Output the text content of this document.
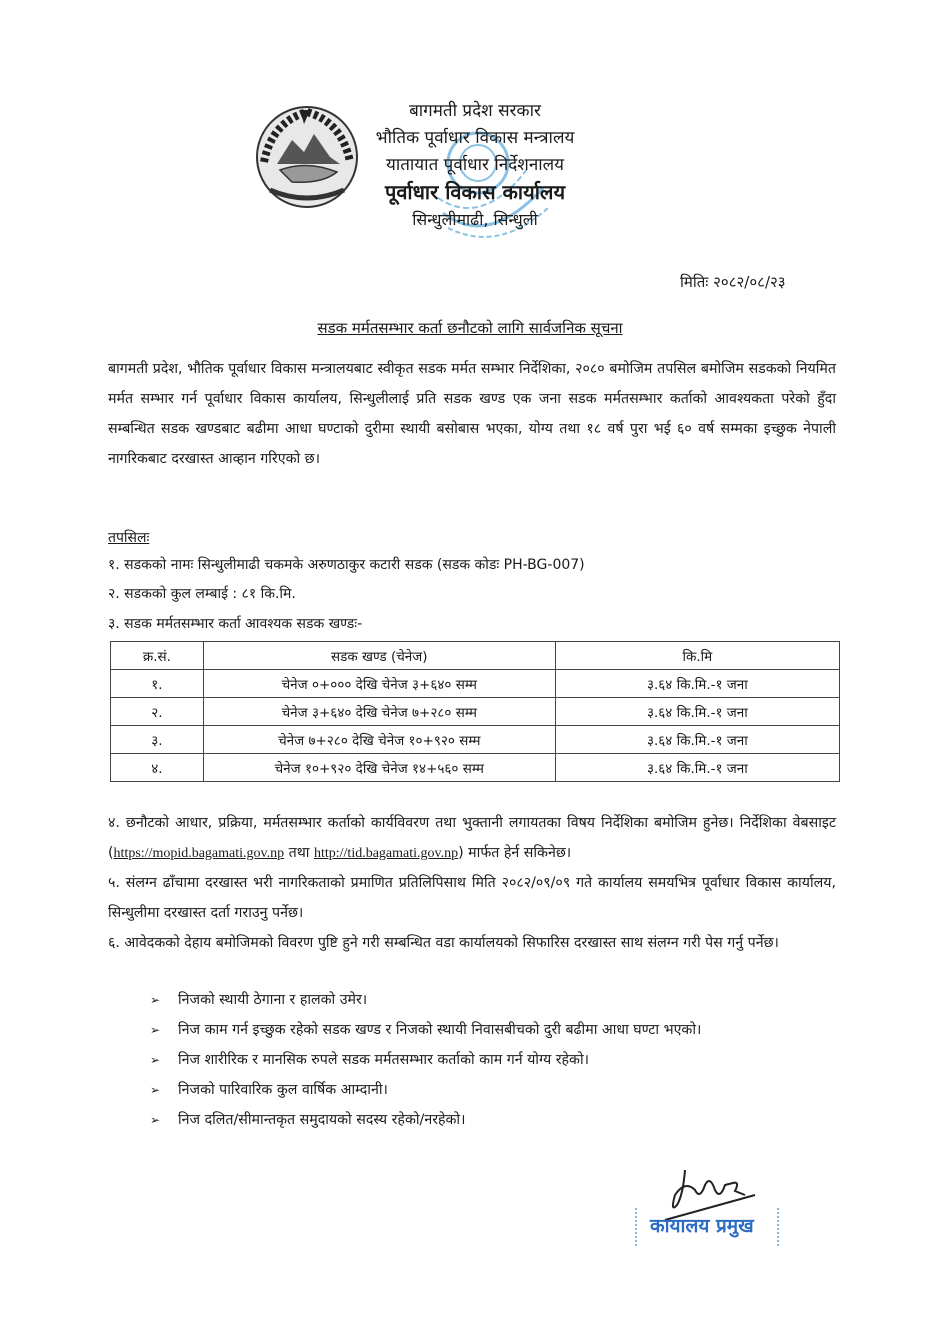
बागमती प्रदेश सरकार
भौतिक पूर्वाधार विकास मन्त्रालय
यातायात पूर्वाधार निर्देशनालय
पूर्वाधार विकास कार्यालय
सिन्धुलीमाढी, सिन्धुली
मितिः २०८२/०८/२३
सडक मर्मतसम्भार कर्ता छनौटको लागि सार्वजनिक सूचना
बागमती प्रदेश, भौतिक पूर्वाधार विकास मन्त्रालयबाट स्वीकृत सडक मर्मत सम्भार निर्देशिका, २०८० बमोजिम तपसिल बमोजिम सडकको नियमित मर्मत सम्भार गर्न पूर्वाधार विकास कार्यालय, सिन्धुलीलाई प्रति सडक खण्ड एक जना सडक मर्मतसम्भार कर्ताको आवश्यकता परेको हुँदा सम्बन्धित सडक खण्डबाट बढीमा आधा घण्टाको दुरीमा स्थायी बसोबास भएका, योग्य तथा १८ वर्ष पुरा भई ६० वर्ष सम्मका इच्छुक नेपाली नागरिकबाट दरखास्त आव्हान गरिएको छ।
तपसिलः
१. सडकको नामः सिन्धुलीमाढी चकमके अरुणठाकुर कटारी सडक (सडक कोडः PH-BG-007)
२. सडकको कुल लम्बाई : ८१ कि.मि.
३. सडक मर्मतसम्भार कर्ता आवश्यक सडक खण्डः-
क्र.सं.	सडक खण्ड (चेनेज)	कि.मि
१.	चेनेज ०+००० देखि चेनेज ३+६४० सम्म	३.६४ कि.मि.-१ जना
२.	चेनेज ३+६४० देखि चेनेज ७+२८० सम्म	३.६४ कि.मि.-१ जना
३.	चेनेज ७+२८० देखि चेनेज १०+९२० सम्म	३.६४ कि.मि.-१ जना
४.	चेनेज १०+९२० देखि चेनेज १४+५६० सम्म	३.६४ कि.मि.-१ जना
४. छनौटको आधार, प्रक्रिया, मर्मतसम्भार कर्ताको कार्यविवरण तथा भुक्तानी लगायतका विषय निर्देशिका बमोजिम हुनेछ। निर्देशिका वेबसाइट (https://mopid.bagamati.gov.np तथा http://tid.bagamati.gov.np) मार्फत हेर्न सकिनेछ।
५. संलग्न ढाँचामा दरखास्त भरी नागरिकताको प्रमाणित प्रतिलिपिसाथ मिति २०८२/०९/०९ गते कार्यालय समयभित्र पूर्वाधार विकास कार्यालय, सिन्धुलीमा दरखास्त दर्ता गराउनु पर्नेछ।
६. आवेदकको देहाय बमोजिमको विवरण पुष्टि हुने गरी सम्बन्धित वडा कार्यालयको सिफारिस दरखास्त साथ संलग्न गरी पेस गर्नु पर्नेछ।
➢ निजको स्थायी ठेगाना र हालको उमेर।
➢ निज काम गर्न इच्छुक रहेको सडक खण्ड र निजको स्थायी निवासबीचको दुरी बढीमा आधा घण्टा भएको।
➢ निज शारीरिक र मानसिक रुपले सडक मर्मतसम्भार कर्ताको काम गर्न योग्य रहेको।
➢ निजको पारिवारिक कुल वार्षिक आम्दानी।
➢ निज दलित/सीमान्तकृत समुदायको सदस्य रहेको/नरहेको।
कायालय प्रमुख
